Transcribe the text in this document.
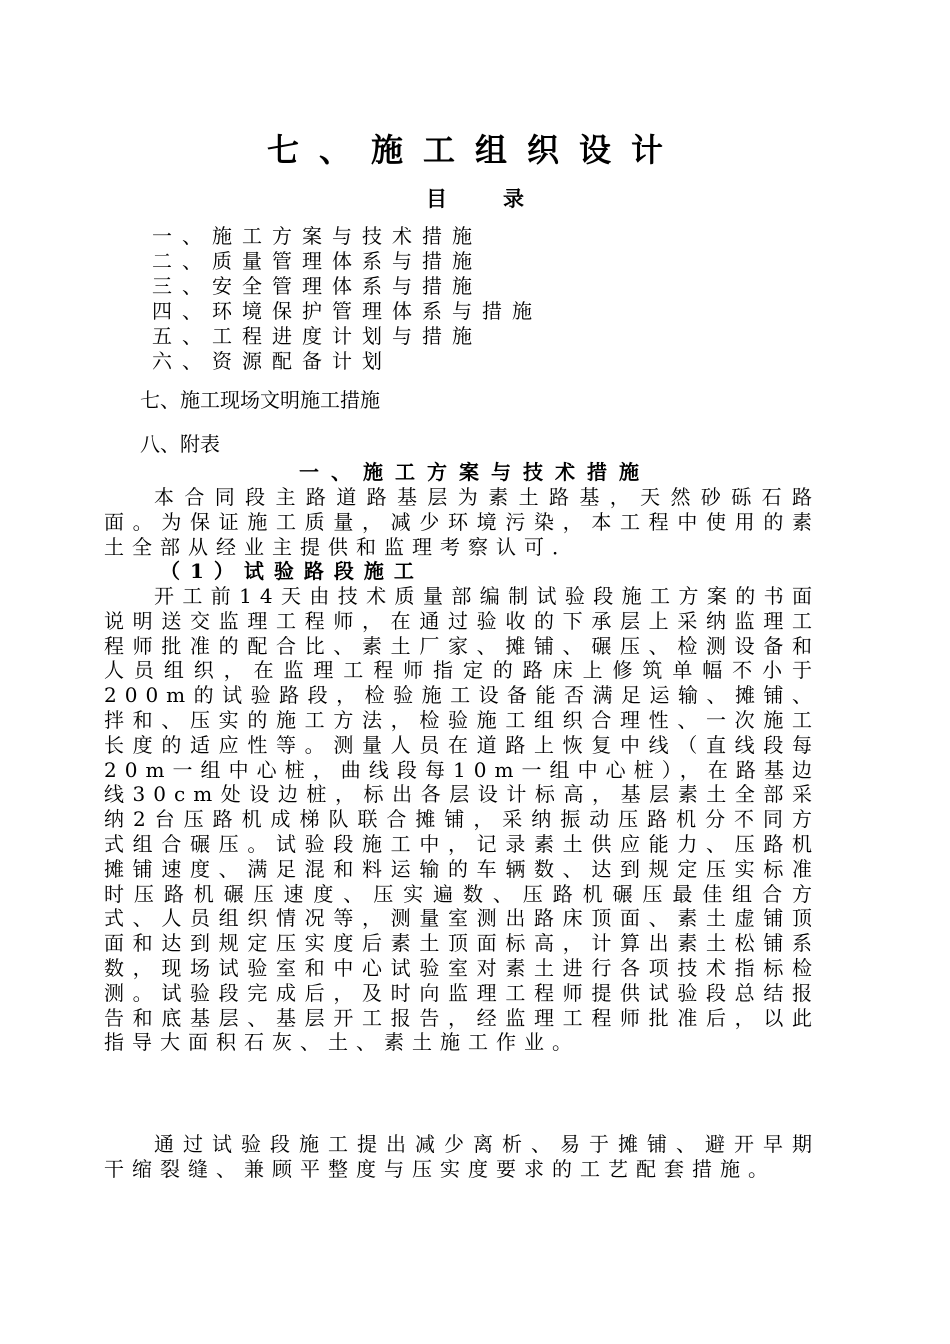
七、施工组织设计
目录
一、施工方案与技术措施
二、质量管理体系与措施
三、安全管理体系与措施
四、环境保护管理体系与措施
五、工程进度计划与措施
六、资源配备计划
七、施工现场文明施工措施
八、附表
一、施工方案与技术措施

本合同段主路道路基层为素土路基，天然砂砾石路面。为保证施工质量，减少环境污染，本工程中使用的素土全部从经业主提供和监理考察认可．

（1）试验路段施工

开工前14天由技术质量部编制试验段施工方案的书面说明送交监理工程师，在通过验收的下承层上采纳监理工程师批准的配合比、素土厂家、摊铺、碾压、检测设备和人员组织，在监理工程师指定的路床上修筑单幅不小于200m的试验路段，检验施工设备能否满足运输、摊铺、拌和、压实的施工方法，检验施工组织合理性、一次施工长度的适应性等。测量人员在道路上恢复中线（直线段每20m一组中心桩，曲线段每10m一组中心桩），在路基边线30cm处设边桩，标出各层设计标高，基层素土全部采纳2台压路机成梯队联合摊铺，采纳振动压路机分不同方式组合碾压。试验段施工中，记录素土供应能力、压路机摊铺速度、满足混和料运输的车辆数、达到规定压实标准时压路机碾压速度、压实遍数、压路机碾压最佳组合方式、人员组织情况等，测量室测出路床顶面、素土虚铺顶面和达到规定压实度后素土顶面标高，计算出素土松铺系数，现场试验室和中心试验室对素土进行各项技术指标检测。试验段完成后，及时向监理工程师提供试验段总结报告和底基层、基层开工报告，经监理工程师批准后，以此指导大面积石灰、土、素土施工作业。

通过试验段施工提出减少离析、易于摊铺、避开早期干缩裂缝、兼顾平整度与压实度要求的工艺配套措施。
